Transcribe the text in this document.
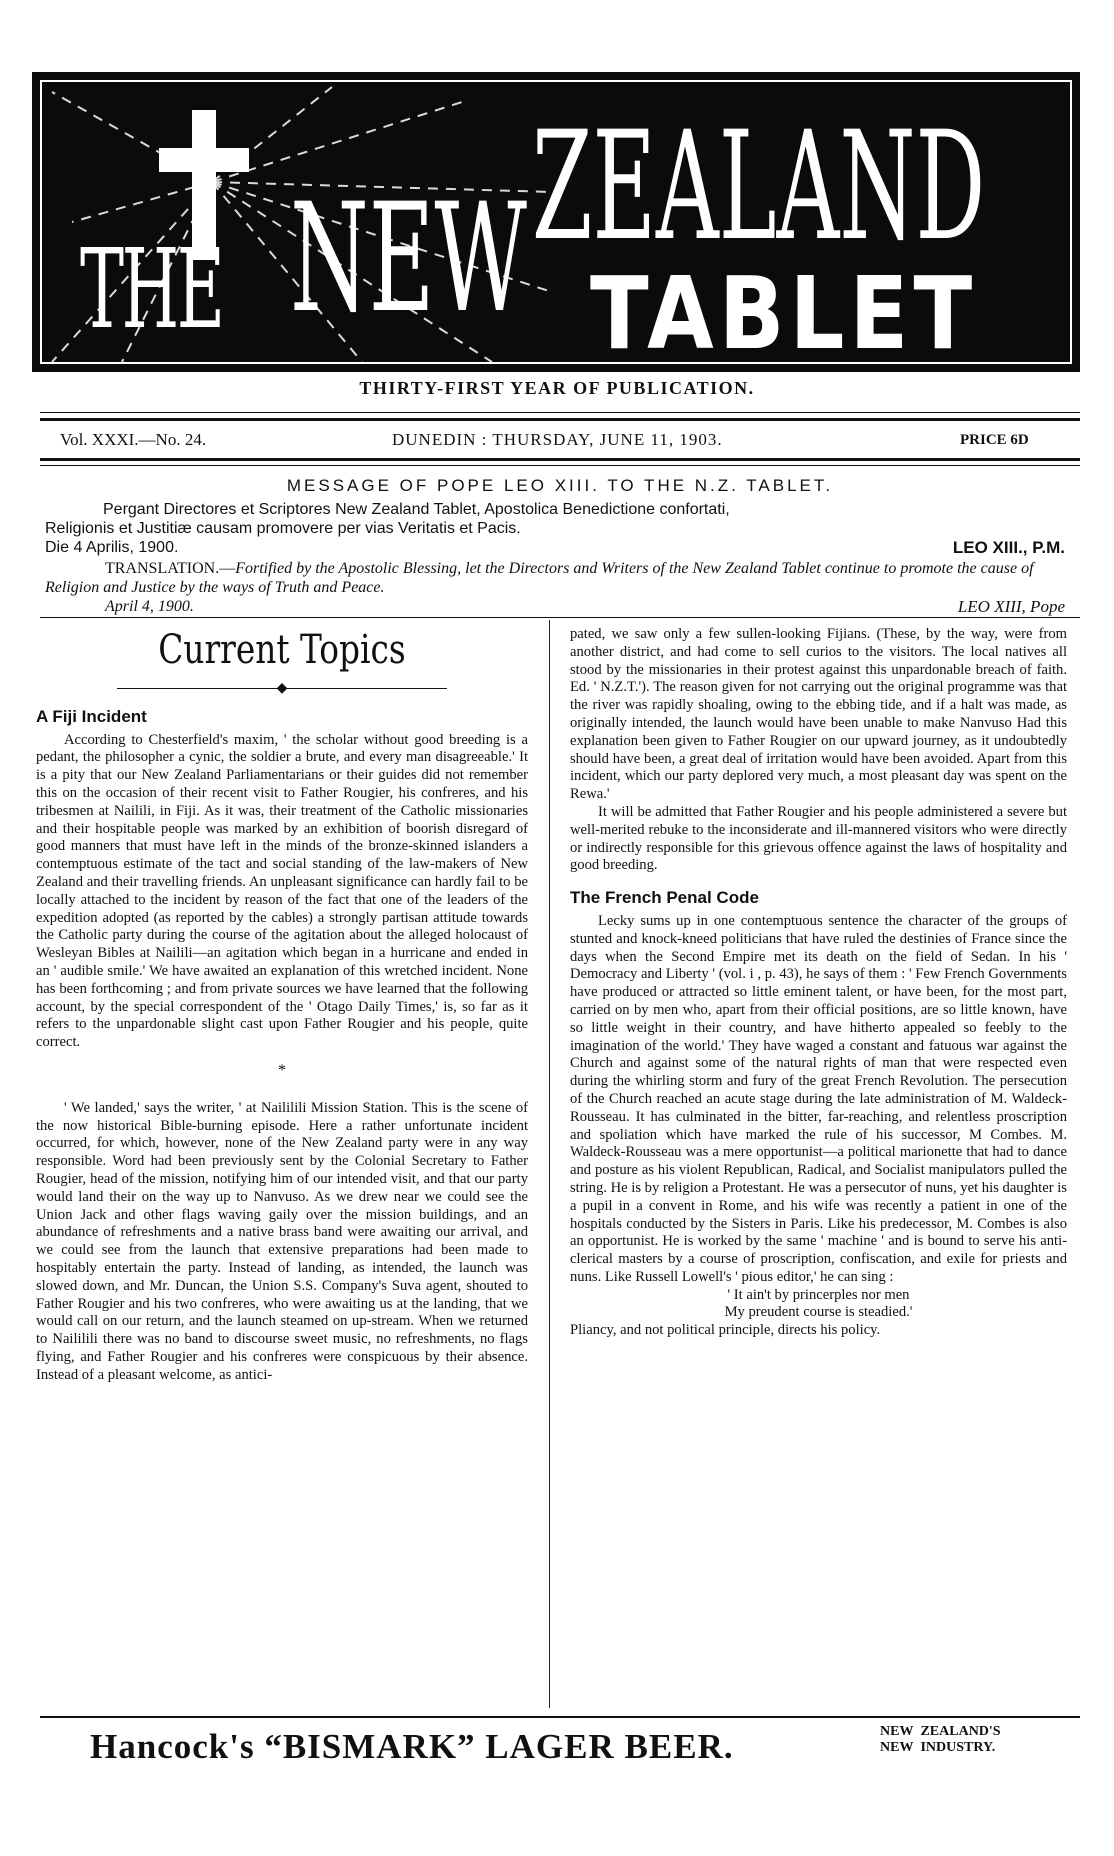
THE NEW ZEALAND
TABLET
THIRTY-FIRST YEAR OF PUBLICATION.
Vol. XXXI.—No. 24.	DUNEDIN : THURSDAY, JUNE 11, 1903.	PRICE 6D
MESSAGE OF POPE LEO XIII. TO THE N.Z. TABLET.
Pergant Directores et Scriptores New Zealand Tablet, Apostolica Benedictione confortati,
Religionis et Justitiæ causam promovere per vias Veritatis et Pacis.
Die 4 Aprilis, 1900.	LEO XIII., P.M.
TRANSLATION.—Fortified by the Apostolic Blessing, let the Directors and Writers of the New Zealand Tablet continue to promote the cause of Religion and Justice by the ways of Truth and Peace.
April 4, 1900.	LEO XIII, Pope
Current Topics
◆
A Fiji Incident

According to Chesterfield's maxim, ' the scholar without good breeding is a pedant, the philosopher a cynic, the soldier a brute, and every man disagreeable.' It is a pity that our New Zealand Parliamentarians or their guides did not remember this on the occasion of their recent visit to Father Rougier, his confreres, and his tribesmen at Nailili, in Fiji. As it was, their treatment of the Catholic missionaries and their hospitable people was marked by an exhibition of boorish disregard of good manners that must have left in the minds of the bronze-skinned islanders a contemptuous estimate of the tact and social standing of the law-makers of New Zealand and their travelling friends. An unpleasant significance can hardly fail to be locally attached to the incident by reason of the fact that one of the leaders of the expedition adopted (as reported by the cables) a strongly partisan attitude towards the Catholic party during the course of the agitation about the alleged holocaust of Wesleyan Bibles at Nailili—an agitation which began in a hurricane and ended in an ' audible smile.' We have awaited an explanation of this wretched incident. None has been forthcoming ; and from private sources we have learned that the following account, by the special correspondent of the ' Otago Daily Times,' is, so far as it refers to the unpardonable slight cast upon Father Rougier and his people, quite correct.

*

' We landed,' says the writer, ' at Naililili Mission Station. This is the scene of the now historical Bible-burning episode. Here a rather unfortunate incident occurred, for which, however, none of the New Zealand party were in any way responsible. Word had been previously sent by the Colonial Secretary to Father Rougier, head of the mission, notifying him of our intended visit, and that our party would land their on the way up to Nanvuso. As we drew near we could see the Union Jack and other flags waving gaily over the mission buildings, and an abundance of refreshments and a native brass band were awaiting our arrival, and we could see from the launch that extensive preparations had been made to hospitably entertain the party. Instead of landing, as intended, the launch was slowed down, and Mr. Duncan, the Union S.S. Company's Suva agent, shouted to Father Rougier and his two confreres, who were awaiting us at the landing, that we would call on our return, and the launch steamed on up-stream. When we returned to Naililili there was no band to discourse sweet music, no refreshments, no flags flying, and Father Rougier and his confreres were conspicuous by their absence. Instead of a pleasant welcome, as antici-

pated, we saw only a few sullen-looking Fijians. (These, by the way, were from another district, and had come to sell curios to the visitors. The local natives all stood by the missionaries in their protest against this unpardonable breach of faith. Ed. ' N.Z.T.'). The reason given for not carrying out the original programme was that the river was rapidly shoaling, owing to the ebbing tide, and if a halt was made, as originally intended, the launch would have been unable to make Nanvuso Had this explanation been given to Father Rougier on our upward journey, as it undoubtedly should have been, a great deal of irritation would have been avoided. Apart from this incident, which our party deplored very much, a most pleasant day was spent on the Rewa.'

It will be admitted that Father Rougier and his people administered a severe but well-merited rebuke to the inconsiderate and ill-mannered visitors who were directly or indirectly responsible for this grievous offence against the laws of hospitality and good breeding.

The French Penal Code

Lecky sums up in one contemptuous sentence the character of the groups of stunted and knock-kneed politicians that have ruled the destinies of France since the days when the Second Empire met its death on the field of Sedan. In his ' Democracy and Liberty ' (vol. i , p. 43), he says of them : ' Few French Governments have produced or attracted so little eminent talent, or have been, for the most part, carried on by men who, apart from their official positions, are so little known, have so little weight in their country, and have hitherto appealed so feebly to the imagination of the world.' They have waged a constant and fatuous war against the Church and against some of the natural rights of man that were respected even during the whirling storm and fury of the great French Revolution. The persecution of the Church reached an acute stage during the late administration of M. Waldeck-Rousseau. It has culminated in the bitter, far-reaching, and relentless proscription and spoliation which have marked the rule of his successor, M Combes. M. Waldeck-Rousseau was a mere opportunist—a political marionette that had to dance and posture as his violent Republican, Radical, and Socialist manipulators pulled the string. He is by religion a Protestant. He was a persecutor of nuns, yet his daughter is a pupil in a convent in Rome, and his wife was recently a patient in one of the hospitals conducted by the Sisters in Paris. Like his predecessor, M. Combes is also an opportunist. He is worked by the same ' machine ' and is bound to serve his anti-clerical masters by a course of proscription, confiscation, and exile for priests and nuns. Like Russell Lowell's ' pious editor,' he can sing :

' It ain't by princerples nor men

My preudent course is steadied.'

Pliancy, and not political principle, directs his policy.

Hancock's “BISMARK” LAGER BEER.	NEW ZEALAND'S
NEW INDUSTRY.
